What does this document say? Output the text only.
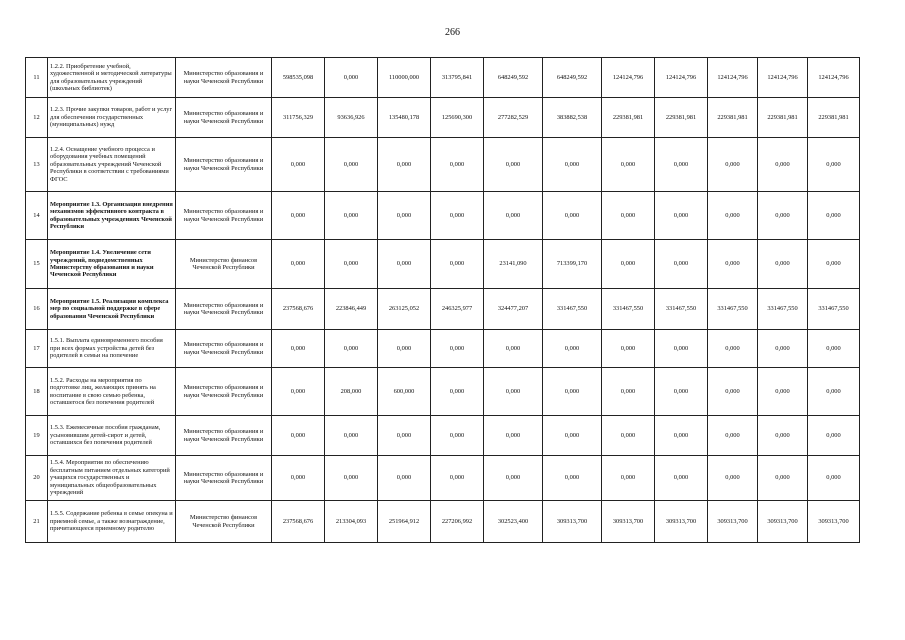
266
11	1.2.2. Приобретение учебной, художественной и методической литературы для образовательных учреждений (школьных библиотек)	Министерство образования и науки Чеченской Республики	598535,098	0,000	110000,000	313795,841	648249,592	648249,592	124124,796	124124,796	124124,796	124124,796	124124,796
12	1.2.3. Прочие закупки товаров, работ и услуг для обеспечения государственных (муниципальных) нужд	Министерство образования и науки Чеченской Республики	311756,329	93636,926	135480,178	125690,300	277282,529	383882,538	229381,981	229381,981	229381,981	229381,981	229381,981
13	1.2.4. Оснащение учебного процесса и оборудования учебных помещений образовательных учреждений Чеченской Республики в соответствии с требованиями ФГОС	Министерство образования и науки Чеченской Республики	0,000	0,000	0,000	0,000	0,000	0,000	0,000	0,000	0,000	0,000	0,000
14	Мероприятие 1.3. Организация внедрения механизмов эффективного контракта в образовательных учреждениях Чеченской Республики	Министерство образования и науки Чеченской Республики	0,000	0,000	0,000	0,000	0,000	0,000	0,000	0,000	0,000	0,000	0,000
15	Мероприятие 1.4. Увеличение сети учреждений, подведомственных Министерству образования и науки Чеченской Республики	Министерство финансов Чеченской Республики	0,000	0,000	0,000	0,000	23141,090	713399,170	0,000	0,000	0,000	0,000	0,000
16	Мероприятие 1.5. Реализация комплекса мер по социальной поддержке в сфере образования Чеченской Республики	Министерство образования и науки Чеченской Республики	237568,676	223846,449	263125,052	246325,977	324477,207	331467,550	331467,550	331467,550	331467,550	331467,550	331467,550
17	1.5.1. Выплата единовременного пособия при всех формах устройства детей без родителей в семьи на попечение	Министерство образования и науки Чеченской Республики	0,000	0,000	0,000	0,000	0,000	0,000	0,000	0,000	0,000	0,000	0,000
18	1.5.2. Расходы на мероприятия по подготовке лиц, желающих принять на воспитание в свою семью ребенка, оставшегося без попечения родителей	Министерство образования и науки Чеченской Республики	0,000	208,000	600,000	0,000	0,000	0,000	0,000	0,000	0,000	0,000	0,000
19	1.5.3. Ежемесячные пособия гражданам, усыновившим детей-сирот и детей, оставшихся без попечения родителей	Министерство образования и науки Чеченской Республики	0,000	0,000	0,000	0,000	0,000	0,000	0,000	0,000	0,000	0,000	0,000
20	1.5.4. Мероприятия по обеспечению бесплатным питанием отдельных категорий учащихся государственных и муниципальных общеобразовательных учреждений	Министерство образования и науки Чеченской Республики	0,000	0,000	0,000	0,000	0,000	0,000	0,000	0,000	0,000	0,000	0,000
21	1.5.5. Содержание ребенка в семье опекуна и приемной семье, а также вознаграждение, причитающееся приемному родителю	Министерство финансов Чеченской Республики	237568,676	213304,093	251964,912	227206,992	302523,400	309313,700	309313,700	309313,700	309313,700	309313,700	309313,700
